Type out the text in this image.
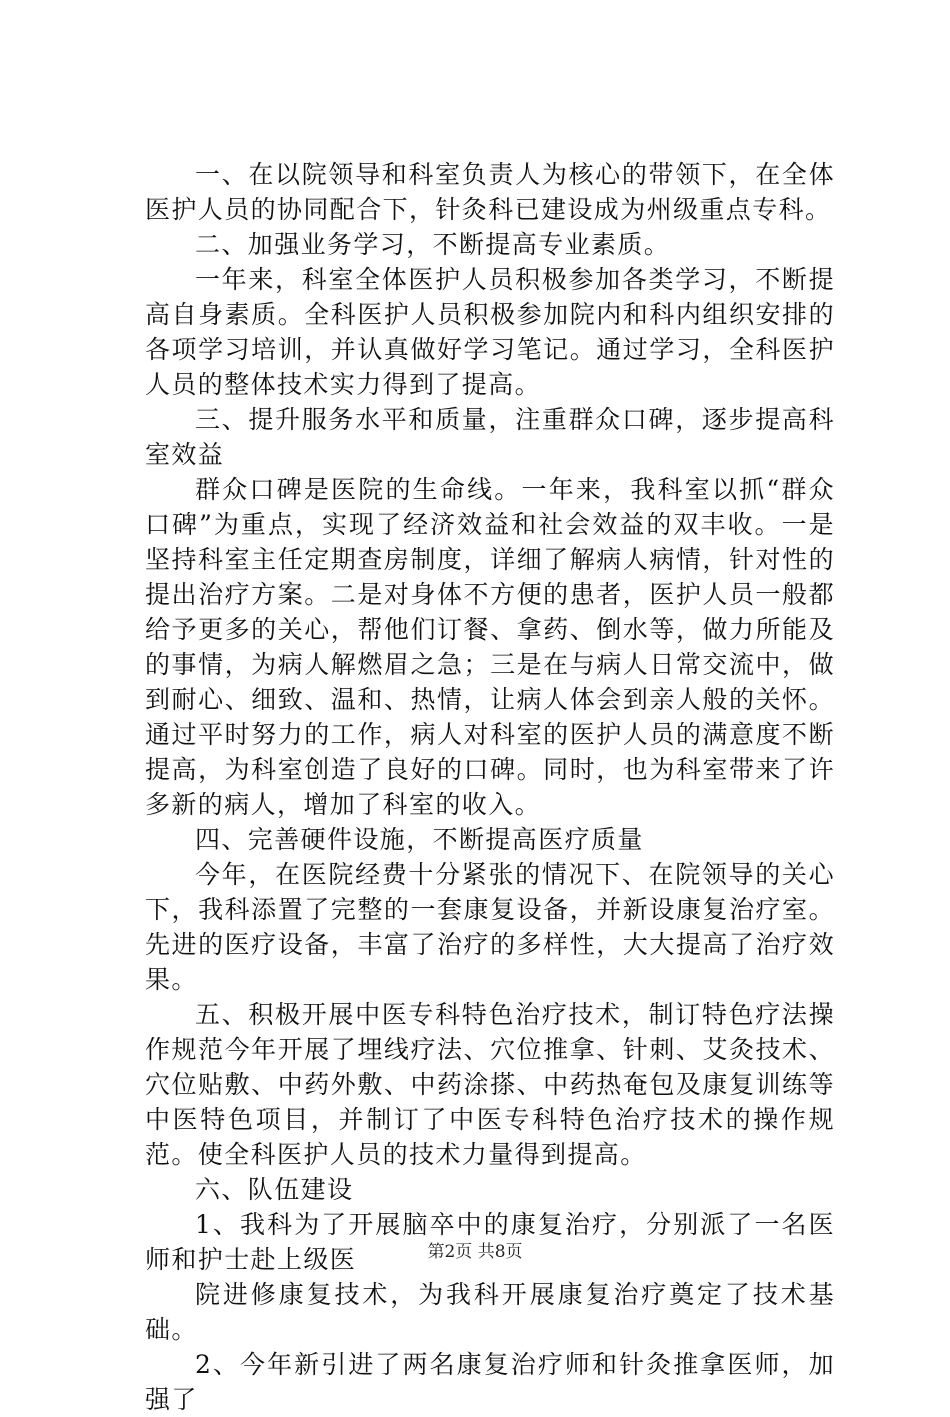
一、在以院领导和科室负责人为核心的带领下，在全体医护人员的协同配合下，针灸科已建设成为州级重点专科。

二、加强业务学习，不断提高专业素质。

一年来，科室全体医护人员积极参加各类学习，不断提高自身素质。全科医护人员积极参加院内和科内组织安排的各项学习培训，并认真做好学习笔记。通过学习，全科医护人员的整体技术实力得到了提高。

三、提升服务水平和质量，注重群众口碑，逐步提高科室效益

群众口碑是医院的生命线。一年来，我科室以抓“群众口碑”为重点，实现了经济效益和社会效益的双丰收。一是坚持科室主任定期查房制度，详细了解病人病情，针对性的提出治疗方案。二是对身体不方便的患者，医护人员一般都给予更多的关心，帮他们订餐、拿药、倒水等，做力所能及的事情，为病人解燃眉之急；三是在与病人日常交流中，做到耐心、细致、温和、热情，让病人体会到亲人般的关怀。通过平时努力的工作，病人对科室的医护人员的满意度不断提高，为科室创造了良好的口碑。同时，也为科室带来了许多新的病人，增加了科室的收入。

四、完善硬件设施，不断提高医疗质量

今年，在医院经费十分紧张的情况下、在院领导的关心下，我科添置了完整的一套康复设备，并新设康复治疗室。先进的医疗设备，丰富了治疗的多样性，大大提高了治疗效果。

五、积极开展中医专科特色治疗技术，制订特色疗法操作规范今年开展了埋线疗法、穴位推拿、针刺、艾灸技术、穴位贴敷、中药外敷、中药涂搽、中药热奄包及康复训练等中医特色项目，并制订了中医专科特色治疗技术的操作规范。使全科医护人员的技术力量得到提高。

六、队伍建设

1、我科为了开展脑卒中的康复治疗，分别派了一名医师和护士赴上级医

院进修康复技术，为我科开展康复治疗奠定了技术基础。

2、今年新引进了两名康复治疗师和针灸推拿医师，加强了

第2页 共8页
